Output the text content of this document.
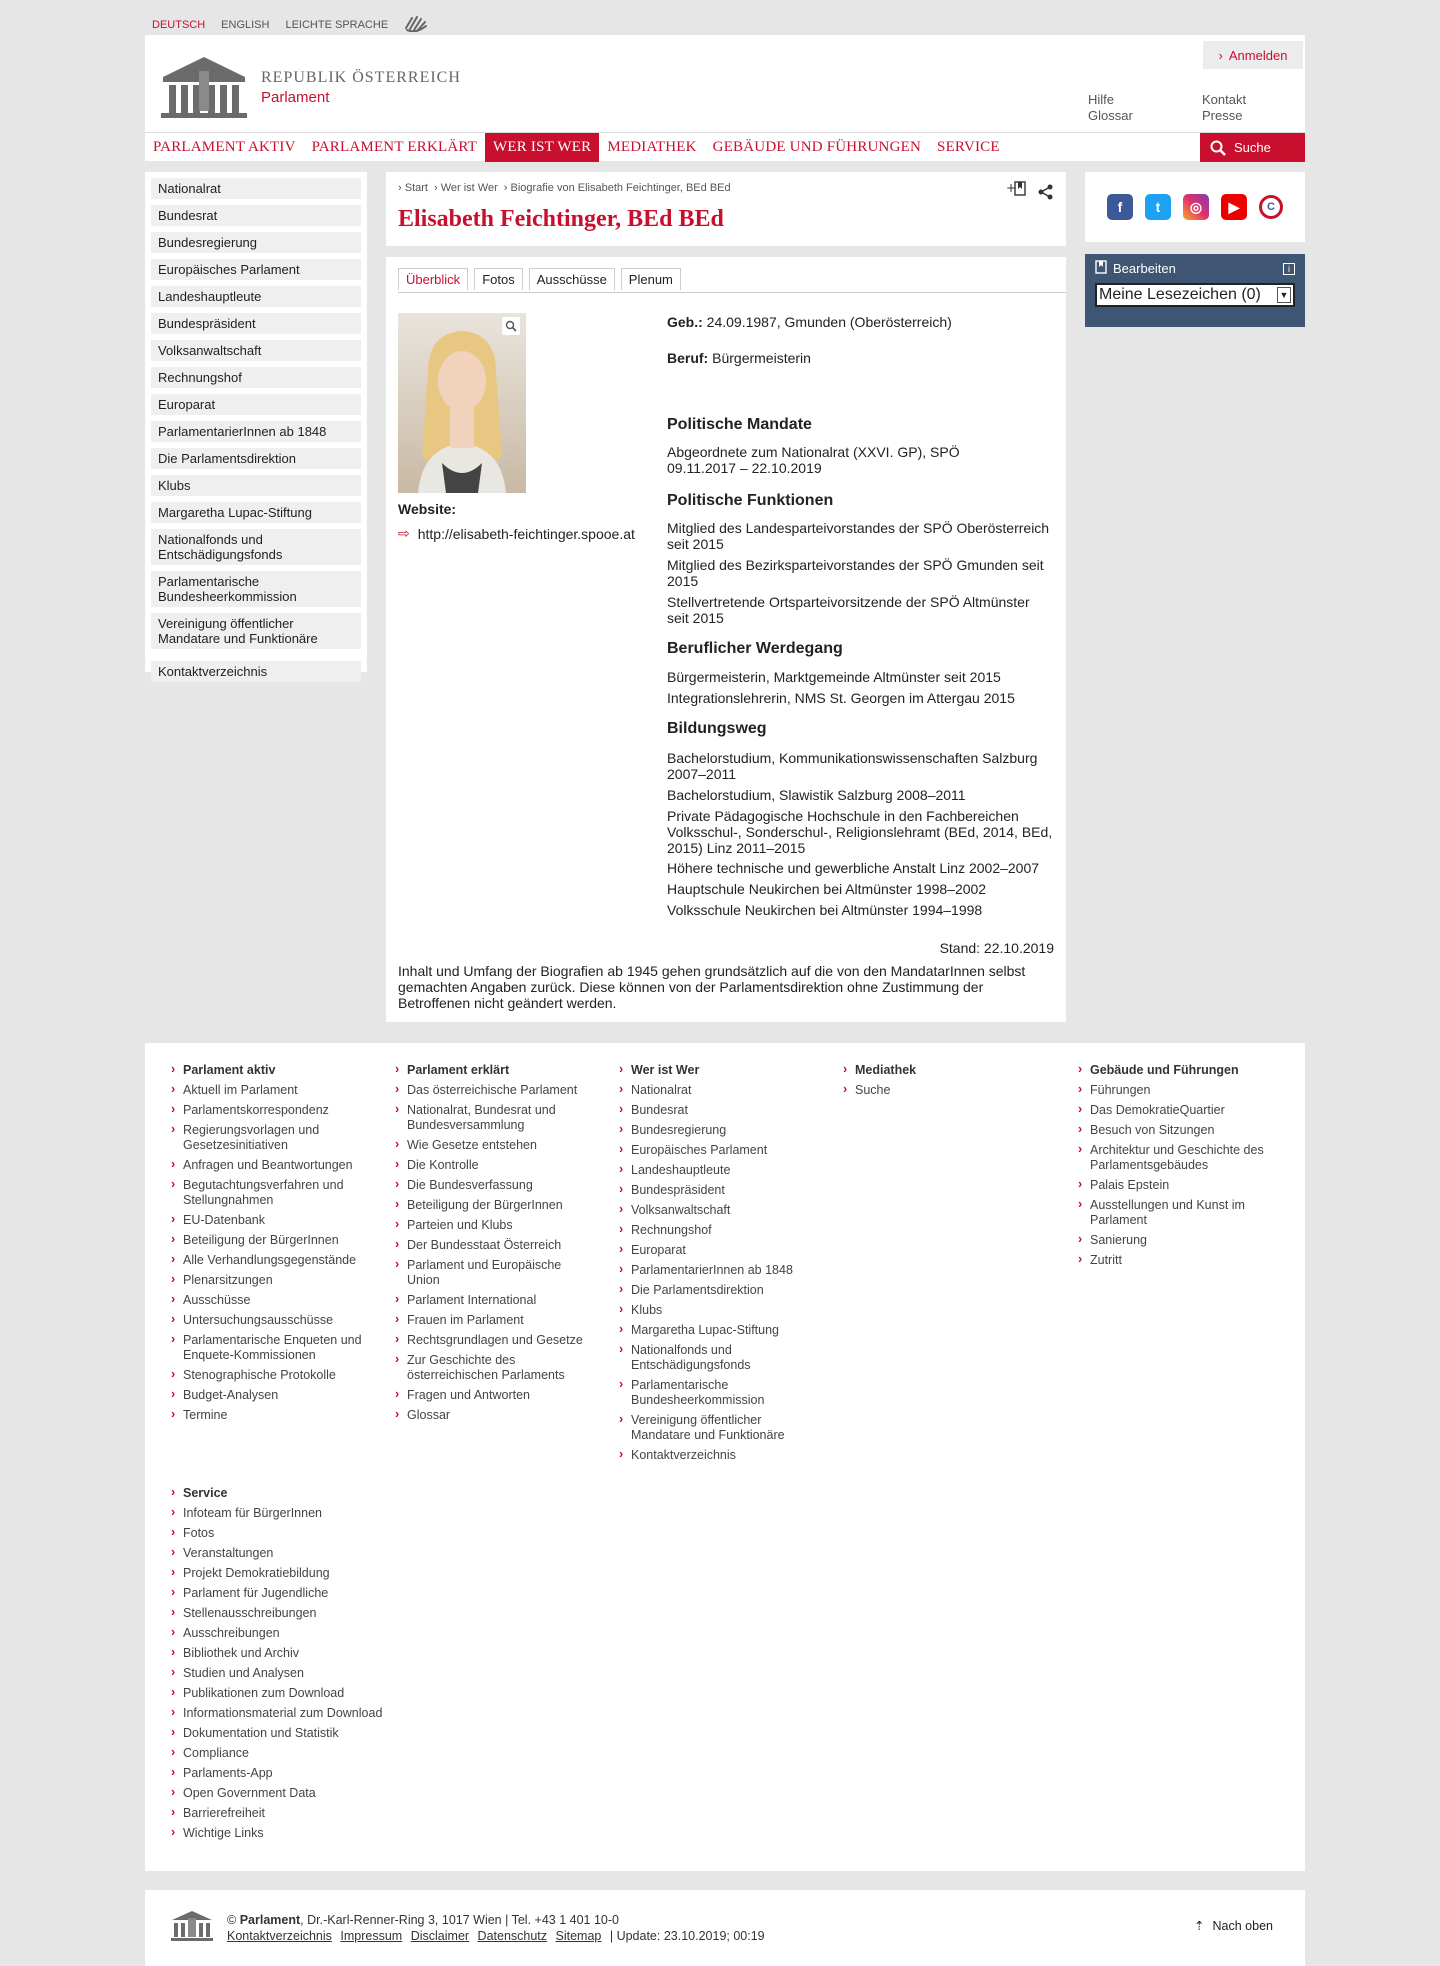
DEUTSCH ENGLISH LEICHTE SPRACHE
REPUBLIK ÖSTERREICH
Parlament
› Anmelden
Hilfe
Glossar
Kontakt
Presse
PARLAMENT AKTIV	PARLAMENT ERKLÄRT	WER IST WER	MEDIATHEK	GEBÄUDE UND FÜHRUNGEN	SERVICE	Suche
Nationalrat
Bundesrat
Bundesregierung
Europäisches Parlament
Landeshauptleute
Bundespräsident
Volksanwaltschaft
Rechnungshof
Europarat
ParlamentarierInnen ab 1848
Die Parlamentsdirektion
Klubs
Margaretha Lupac-Stiftung
Nationalfonds und Entschädigungsfonds
Parlamentarische Bundesheerkommission
Vereinigung öffentlicher Mandatare und Funktionäre
Kontaktverzeichnis
› Start › Wer ist Wer › Biografie von Elisabeth Feichtinger, BEd BEd
Elisabeth Feichtinger, BEd BEd
+
Überblick	Fotos	Ausschüsse	Plenum
Website:
⇨ http://elisabeth-feichtinger.spooe.at
Geb.: 24.09.1987, Gmunden (Oberösterreich)
Beruf: Bürgermeisterin
Politische Mandate
Abgeordnete zum Nationalrat (XXVI. GP), SPÖ
09.11.2017 – 22.10.2019
Politische Funktionen
Mitglied des Landesparteivorstandes der SPÖ Oberösterreich
seit 2015
Mitglied des Bezirksparteivorstandes der SPÖ Gmunden seit
2015
Stellvertretende Ortsparteivorsitzende der SPÖ Altmünster
seit 2015
Beruflicher Werdegang
Bürgermeisterin, Marktgemeinde Altmünster seit 2015
Integrationslehrerin, NMS St. Georgen im Attergau 2015
Bildungsweg
Bachelorstudium, Kommunikationswissenschaften Salzburg
2007–2011
Bachelorstudium, Slawistik Salzburg 2008–2011
Private Pädagogische Hochschule in den Fachbereichen
Volksschul-, Sonderschul-, Religionslehramt (BEd, 2014, BEd,
2015) Linz 2011–2015
Höhere technische und gewerbliche Anstalt Linz 2002–2007
Hauptschule Neukirchen bei Altmünster 1998–2002
Volksschule Neukirchen bei Altmünster 1994–1998
Stand: 22.10.2019
Inhalt und Umfang der Biografien ab 1945 gehen grundsätzlich auf die von den MandatarInnen selbst
gemachten Angaben zurück. Diese können von der Parlamentsdirektion ohne Zustimmung der
Betroffenen nicht geändert werden.
f	t	◎	▶	C
Bearbeiten	i
Meine Lesezeichen (0) ▼
› Parlament aktiv
› Aktuell im Parlament
› Parlamentskorrespondenz
› Regierungsvorlagen und Gesetzesinitiativen
› Anfragen und Beantwortungen
› Begutachtungsverfahren und Stellungnahmen
› EU-Datenbank
› Beteiligung der BürgerInnen
› Alle Verhandlungsgegenstände
› Plenarsitzungen
› Ausschüsse
› Untersuchungsausschüsse
› Parlamentarische Enqueten und Enquete-Kommissionen
› Stenographische Protokolle
› Budget-Analysen
› Termine
› Parlament erklärt
› Das österreichische Parlament
› Nationalrat, Bundesrat und Bundesversammlung
› Wie Gesetze entstehen
› Die Kontrolle
› Die Bundesverfassung
› Beteiligung der BürgerInnen
› Parteien und Klubs
› Der Bundesstaat Österreich
› Parlament und Europäische Union
› Parlament International
› Frauen im Parlament
› Rechtsgrundlagen und Gesetze
› Zur Geschichte des österreichischen Parlaments
› Fragen und Antworten
› Glossar
› Wer ist Wer
› Nationalrat
› Bundesrat
› Bundesregierung
› Europäisches Parlament
› Landeshauptleute
› Bundespräsident
› Volksanwaltschaft
› Rechnungshof
› Europarat
› ParlamentarierInnen ab 1848
› Die Parlamentsdirektion
› Klubs
› Margaretha Lupac-Stiftung
› Nationalfonds und Entschädigungsfonds
› Parlamentarische Bundesheerkommission
› Vereinigung öffentlicher Mandatare und Funktionäre
› Kontaktverzeichnis
› Mediathek
› Suche
› Gebäude und Führungen
› Führungen
› Das DemokratieQuartier
› Besuch von Sitzungen
› Architektur und Geschichte des Parlamentsgebäudes
› Palais Epstein
› Ausstellungen und Kunst im Parlament
› Sanierung
› Zutritt
› Service
› Infoteam für BürgerInnen
› Fotos
› Veranstaltungen
› Projekt Demokratiebildung
› Parlament für Jugendliche
› Stellenausschreibungen
› Ausschreibungen
› Bibliothek und Archiv
› Studien und Analysen
› Publikationen zum Download
› Informationsmaterial zum Download
› Dokumentation und Statistik
› Compliance
› Parlaments-App
› Open Government Data
› Barrierefreiheit
› Wichtige Links
© Parlament, Dr.-Karl-Renner-Ring 3, 1017 Wien | Tel. +43 1 401 10-0
Kontaktverzeichnis Impressum Disclaimer Datenschutz Sitemap | Update: 23.10.2019; 00:19
⇡ Nach oben
